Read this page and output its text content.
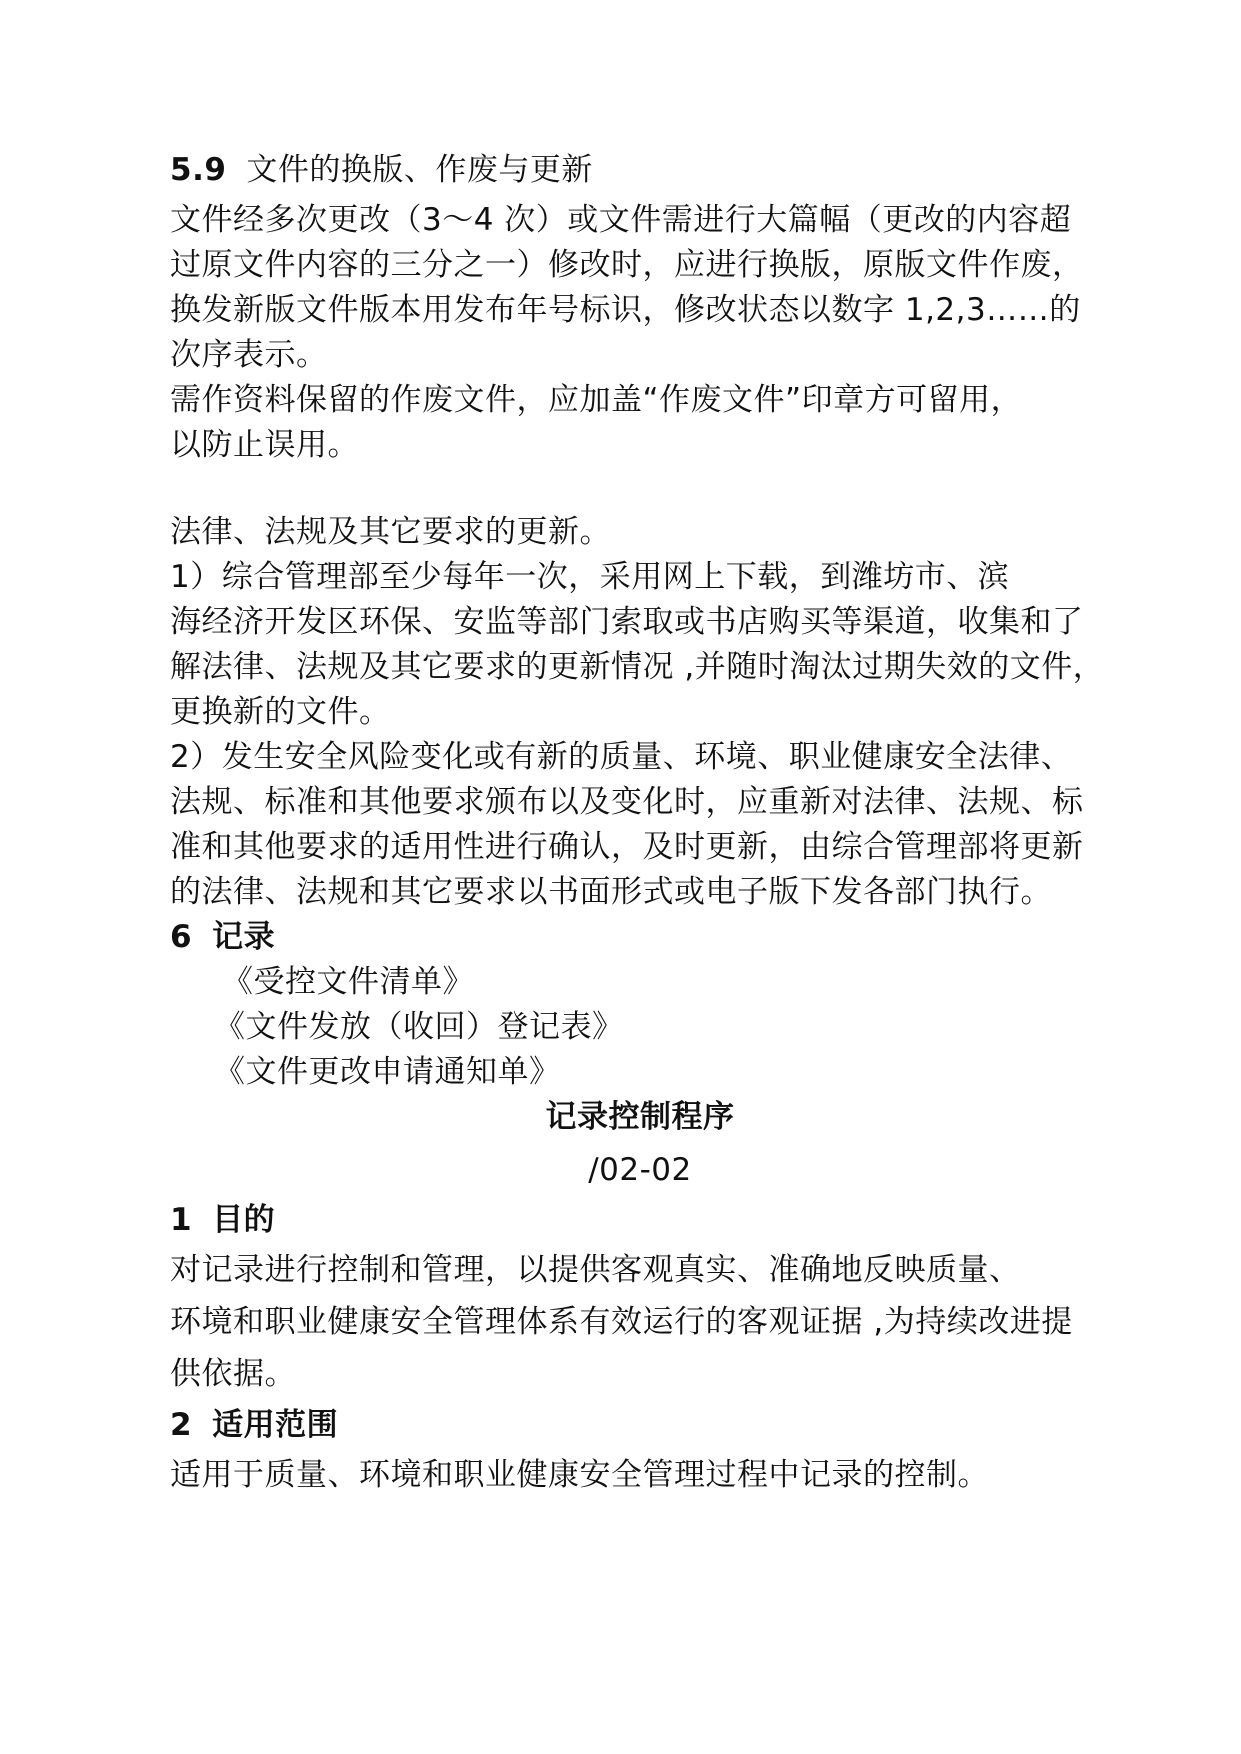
5.9 文件的换版、作废与更新
文件经多次更改（3～4 次）或文件需进行大篇幅（更改的内容超
过原文件内容的三分之一）修改时，应进行换版，原版文件作废，
换发新版文件版本用发布年号标识，修改状态以数字 1,2,3……的
次序表示。
需作资料保留的作废文件，应加盖“作废文件”印章方可留用，
以防止误用。
法律、法规及其它要求的更新。
1）综合管理部至少每年一次，采用网上下载，到潍坊市、滨
海经济开发区环保、安监等部门索取或书店购买等渠道，收集和了
解法律、法规及其它要求的更新情况 ,并随时淘汰过期失效的文件，
更换新的文件。
2）发生安全风险变化或有新的质量、环境、职业健康安全法律、
法规、标准和其他要求颁布以及变化时，应重新对法律、法规、标
准和其他要求的适用性进行确认，及时更新，由综合管理部将更新
的法律、法规和其它要求以书面形式或电子版下发各部门执行。
6 记录
《受控文件清单》
《文件发放（收回）登记表》
《文件更改申请通知单》
记录控制程序
/02-02
1 目的
对记录进行控制和管理，以提供客观真实、准确地反映质量、
环境和职业健康安全管理体系有效运行的客观证据 ,为持续改进提
供依据。
2 适用范围
适用于质量、环境和职业健康安全管理过程中记录的控制。
